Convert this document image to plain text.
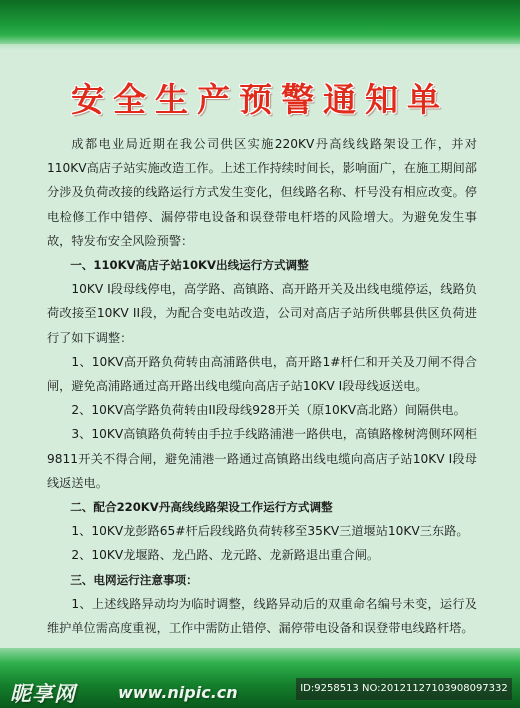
安全生产预警通知单

成都电业局近期在我公司供区实施220KV丹高线线路架设工作，并对110KV高店子站实施改造工作。上述工作持续时间长，影响面广，在施工期间部分涉及负荷改接的线路运行方式发生变化，但线路名称、杆号没有相应改变。停电检修工作中错停、漏停带电设备和误登带电杆塔的风险增大。为避免发生事故，特发布安全风险预警：

一、110KV高店子站10KV出线运行方式调整

10KV I段母线停电，高学路、高镇路、高开路开关及出线电缆停运，线路负荷改接至10KV II段，为配合变电站改造，公司对高店子站所供郫县供区负荷进行了如下调整：

1、10KV高开路负荷转由高浦路供电，高开路1#杆仁和开关及刀闸不得合闸，避免高浦路通过高开路出线电缆向高店子站10KV I段母线返送电。

2、10KV高学路负荷转由II段母线928开关（原10KV高北路）间隔供电。

3、10KV高镇路负荷转由手拉手线路浦港一路供电，高镇路橡树湾侧环网柜9811开关不得合闸，避免浦港一路通过高镇路出线电缆向高店子站10KV I段母线返送电。

二、配合220KV丹高线线路架设工作运行方式调整

1、10KV龙彭路65#杆后段线路负荷转移至35KV三道堰站10KV三东路。

2、10KV龙堰路、龙凸路、龙元路、龙新路退出重合闸。

三、电网运行注意事项：

1、上述线路异动均为临时调整，线路异动后的双重命名编号未变，运行及维护单位需高度重视，工作中需防止错停、漏停带电设备和误登带电线路杆塔。

昵享网	www.nipic.cn	ID:9258513 NO:20121127103908097332
